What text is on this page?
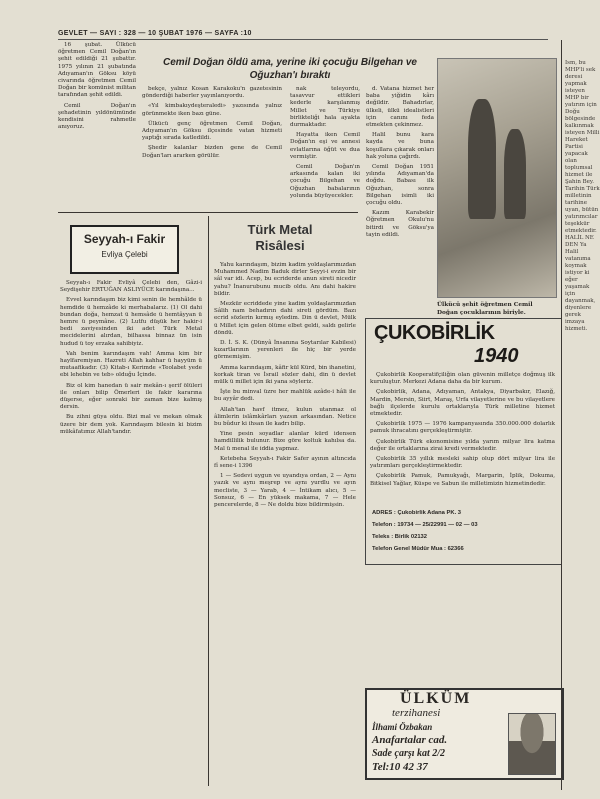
GEVLET — SAYI : 328 — 10 ŞUBAT 1976 — SAYFA :10
Cemil Doğan öldü ama, yerine iki çocuğu Bilgehan ve Oğuzhan'ı bıraktı

16 şubat. Ülkücü öğretmen Cemil Doğan'ın şehit edildiği 21 şubattır. 1975 yılının 21 şubatında Adıyaman'ın Göksu köyü civarında öğretmen Cemil Doğan bir komünist militan tarafından şehit edildi.

Cemil Doğan'ın şehadetinin yıldönümünde kendisini rahmetle anıyoruz.

bekçe, yalnız Kosan Karakoku'n gazetesinin gönderdiği haberler yayınlanıyordu.

«Yıl kimbakıydeşteraledi» yazısında yalnız görünmekte iken bazı güne.

Ülkücü genç öğretmen Cemil Doğan, Adıyaman'ın Göksu ilçesinde vatan hizmeti yaptığı sırada katledildi.

Şhedir kalanlar bizden gene de Cemil Doğan'ları ararken görülür.

nak teleyordu, tasavvur ettikleri kederle karşılanmış Millet ve Türkiye birlikteliği hala ayakta durmaktadır.

Hayatta iken Cemil Doğan'ın eşi ve annesi evlatlarına öğüt ve dua vermiştir.

Cemil Doğan'ın arkasında kalan iki çocuğu Bilgehan ve Oğuzhan babalarının yolunda büyüyecekler.

d. Vatana hizmet her baba yiğidin kârı değildir. Bahadırlar, ülkeli, ülkü idealistleri için canını feda etmekten çekinmez.

Halil bunu kara kayda ve buna koşullara çıkarak onları hak yoluna çağırdı.

Cemil Doğan 1951 yılında Adıyaman'da doğdu. Babası ilk Oğuzhan, sonra Bilgehan isimli iki çocuğu oldu.

Kazım Karabekir Öğretmen Okulu'nu bitirdi ve Göksu'ya tayin edildi.

Ülkücü şehit öğretmen Cemil Doğan çocuklarının biriyle.
Seyyah-ı Fakir
Evliya Çelebi

Seyyah-ı Fakir Evliyâ Çelebi den, Gâzi-i Seydişehir ERTUĞAN ASLIYÜCE karındaşına...

Evvel karındaşım biz kimi senin ile hemhâlde ü hemdide ü hemzâde ki merhabalarız. (1) Ol dahi bundan doğa, hemzat ü hemsâde ü hemtâyyan ü hemre ü peymâne. (2) Lutfu düşük her hakir-i bedi zaviyesinden iki adet Türk Metal mecidelerini alırdan, bilhassa binnaz ün isin hudud ü toy erzaka sahibiyiz.

Vah benim karındaşım vah! Amma kim bir haylfaremiyan. Hazreti Allah kahhar ü hayyüm ü mutaafikadır. (3) Kitab-ı Kerimde «Teolabet yede ebi lehebin ve teb» olduğu İçinde.

Biz ol kim hanedan ü sair mekân-ı şerif ölüleri ile onları bilip Ömerleri ile fakir kararına düşerse, eğer sonraki bir zaman bize kalmış dersin.

Bu zihni güya oldu. Bizi mal ve mekan olmak üzere bir dem yok. Karındaşım bilesin ki bizim mükâfatımız Allah'tandır.

Türk Metal Risâlesi

Yahu karındaşım, bizim kadim yoldaşlarımızdan Muhammed Nadim Baduk dirler Seyyi-i evzin bir sâl var idi. Acep, bu ecriderde anun sireti nicedir yahu? İnanurubunu mucib oldu. Anı dahi hakire bildir.

Mezkür ecriddede yine kadim yoldaşlarımızdan Sâlih nam behadırın dahi sireti gördüm. Bazı ecrid sözlerin kırmış eyledim. Din ü devlet, Mülk ü Millet için gelen ölüme elbet geldi, saldı gelirle döndü.

D. İ. S. K. (Dünyâ İnsanına Soytarılar Kabilesi) kızartlarının yerenleri ile hiç bir yerde görmemişim.

Amma karındaşım, kâfir kül Kürd, bin ihanetini, korkak tiran ve İsrail sözler dahi, din ü devlet mülk ü millet için iki yana söyleriz.

İşte bu minval üzre her mahlük azâde-i hâli ile bu ayyâr dedi.

Allah'tan havf itmez, kulun utanmaz ol âlimlerin islâmkârları yazsın arkasından. Netice bu bûdur ki ihsan ile kadrı bilip.

Yine pesin soyadlar alanlar kürd idensen hamdillilik bulunur. Bize göre koltuk kahılsa da. Mal ü menal ile iddia yapmaz.

Ketebeha Seyyah-ı Fakir Safer ayının altıncıda fî sene-i 1396

1 — Sedevi uygun ve uyandıya ordan, 2 — Aynı yazık ve aynı meşrep ve aynı yurdlu ve ayın mecliste, 3 — Yarab, 4 — İntikam alıcı, 5 — Sonsuz, 6 — En yüksek makama, 7 — Hele pencerelerde, 8 — Ne doldu bize bildirmişsin.

ÇUKOBİRLİK
1940

Çukobirlik Kooperatifçiliğin olan güvenin milletçe doğmuş ilk kuruluştur. Merkezi Adana daha da bir kurum.

Çukobirlik, Adana, Adıyaman, Antakya, Diyarbakır, Elazığ, Mardin, Mersin, Siirt, Maraş, Urfa vilayetlerine ve bu vilayetlere bağlı ilçelerde kurulu ortaklarıyla Türk milletine hizmet etmektedir.

Çukobirlik 1975 — 1976 kampanyasında 350.000.000 dolarlık pamuk ihracatını gerçekleştirmiştir.

Çukobirlik Türk ekonomisine yılda yarım milyar lira katma değer ile ortaklarına zirai kredi vermektedir.

Çukobirlik 35 yıllık mesleki sahip olup dört milyar lira ile yatırımları gerçekleştirmektedir.

Çukobirlik Pamuk, Pamukyağı, Margarin, İplik, Dokuma, Bitkisel Yağlar, Küspe ve Sabun ile milletimizin hizmetindedir.

ADRES : Çukobirlik Adana PK. 3
Telefon : 19734 — 25/22991 — 02 — 03
Teleks : Birlik 02132
Telefon Genel Müdür Mua : 62366
ÜLKÜM
terzihanesi
İlhami Özbakan
Anafartalar cad.
Sade çarşı kat 2/2
Tel:10 42 37
İsm, bu MHP'li sek deresi yapmak isteyen MHP bir yatırım için Doğu bölgesinde kalkınmak isteyen Milli Hareket Partisi yapacak olan toplumsal hizmet ile Şahin Bey. Tarihin Türk milletinin tarihine uyan, bütün yatırımcılar teşekkür etmektedir. HALİL NE DEN Ya Halil vatanıma koymak istiyor ki eğer yaşamak için dayanmak, diyenlere gerek imzaya hizmeti.
